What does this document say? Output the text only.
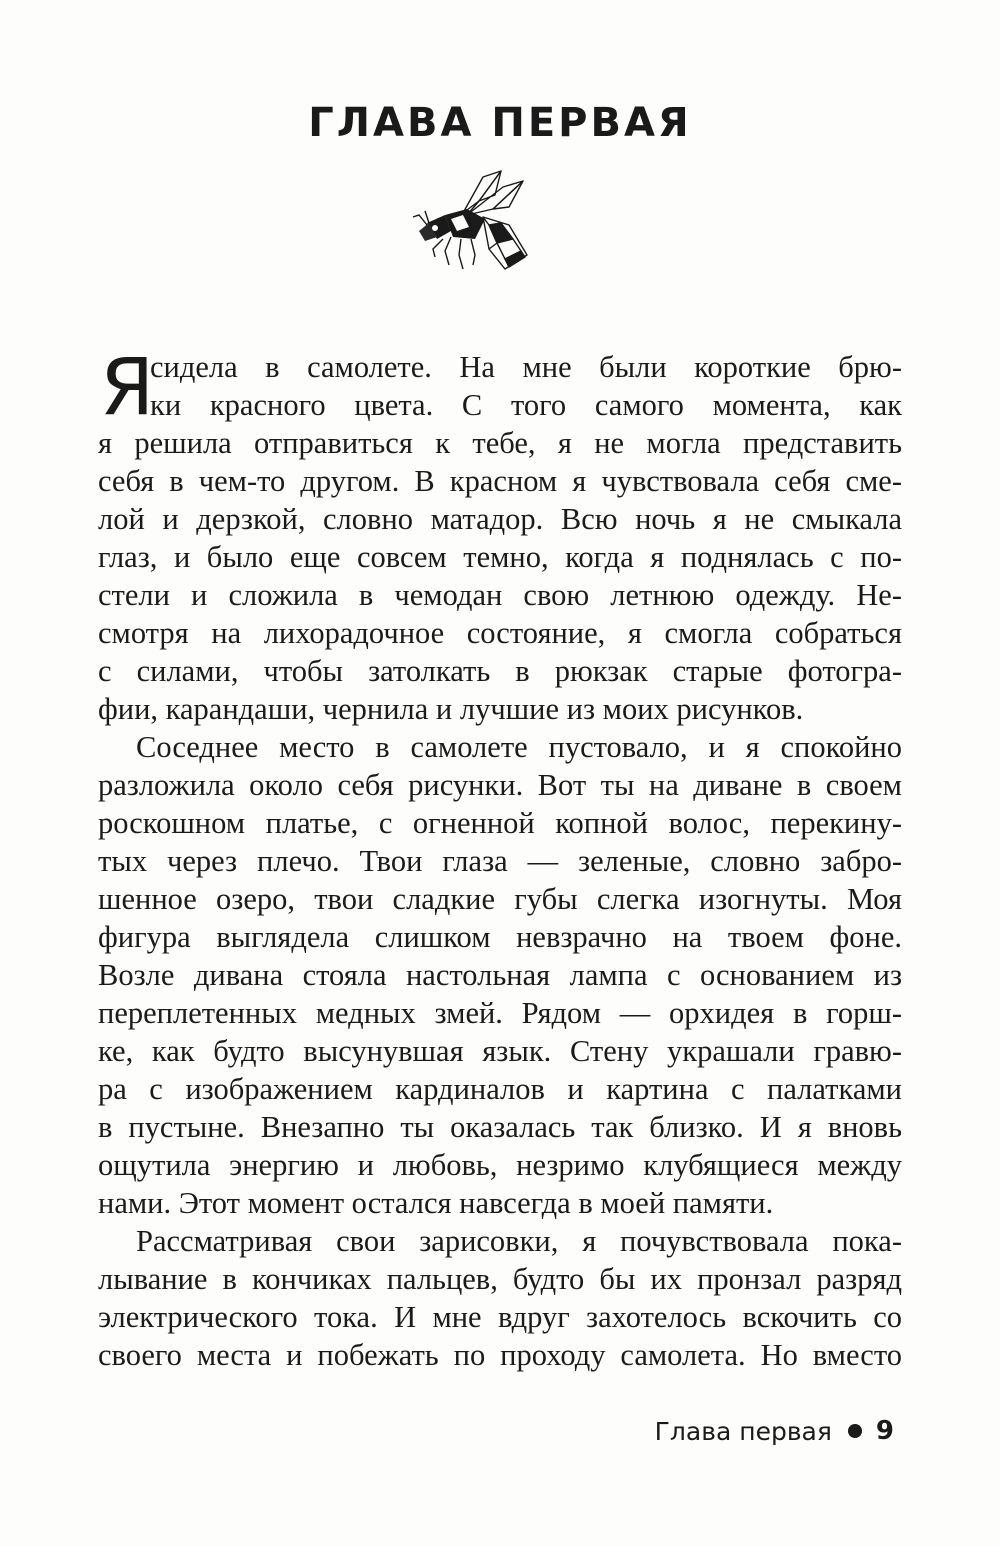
ГЛАВА ПЕРВАЯ
Я
сидела в самолете. На мне были короткие брю-
ки красного цвета. С того самого момента, как
я решила отправиться к тебе, я не могла представить
себя в чем-то другом. В красном я чувствовала себя сме-
лой и дерзкой, словно матадор. Всю ночь я не смыкала
глаз, и было еще совсем темно, когда я поднялась с по-
стели и сложила в чемодан свою летнюю одежду. Не-
смотря на лихорадочное состояние, я смогла собраться
с силами, чтобы затолкать в рюкзак старые фотогра-
фии, карандаши, чернила и лучшие из моих рисунков.
Соседнее место в самолете пустовало, и я спокойно
разложила около себя рисунки. Вот ты на диване в своем
роскошном платье, с огненной копной волос, перекину-
тых через плечо. Твои глаза — зеленые, словно забро-
шенное озеро, твои сладкие губы слегка изогнуты. Моя
фигура выглядела слишком невзрачно на твоем фоне.
Возле дивана стояла настольная лампа с основанием из
переплетенных медных змей. Рядом — орхидея в горш-
ке, как будто высунувшая язык. Стену украшали гравю-
ра с изображением кардиналов и картина с палатками
в пустыне. Внезапно ты оказалась так близко. И я вновь
ощутила энергию и любовь, незримо клубящиеся между
нами. Этот момент остался навсегда в моей памяти.
Рассматривая свои зарисовки, я почувствовала пока-
лывание в кончиках пальцев, будто бы их пронзал разряд
электрического тока. И мне вдруг захотелось вскочить со
своего места и побежать по проходу самолета. Но вместо
Глава первая 9
